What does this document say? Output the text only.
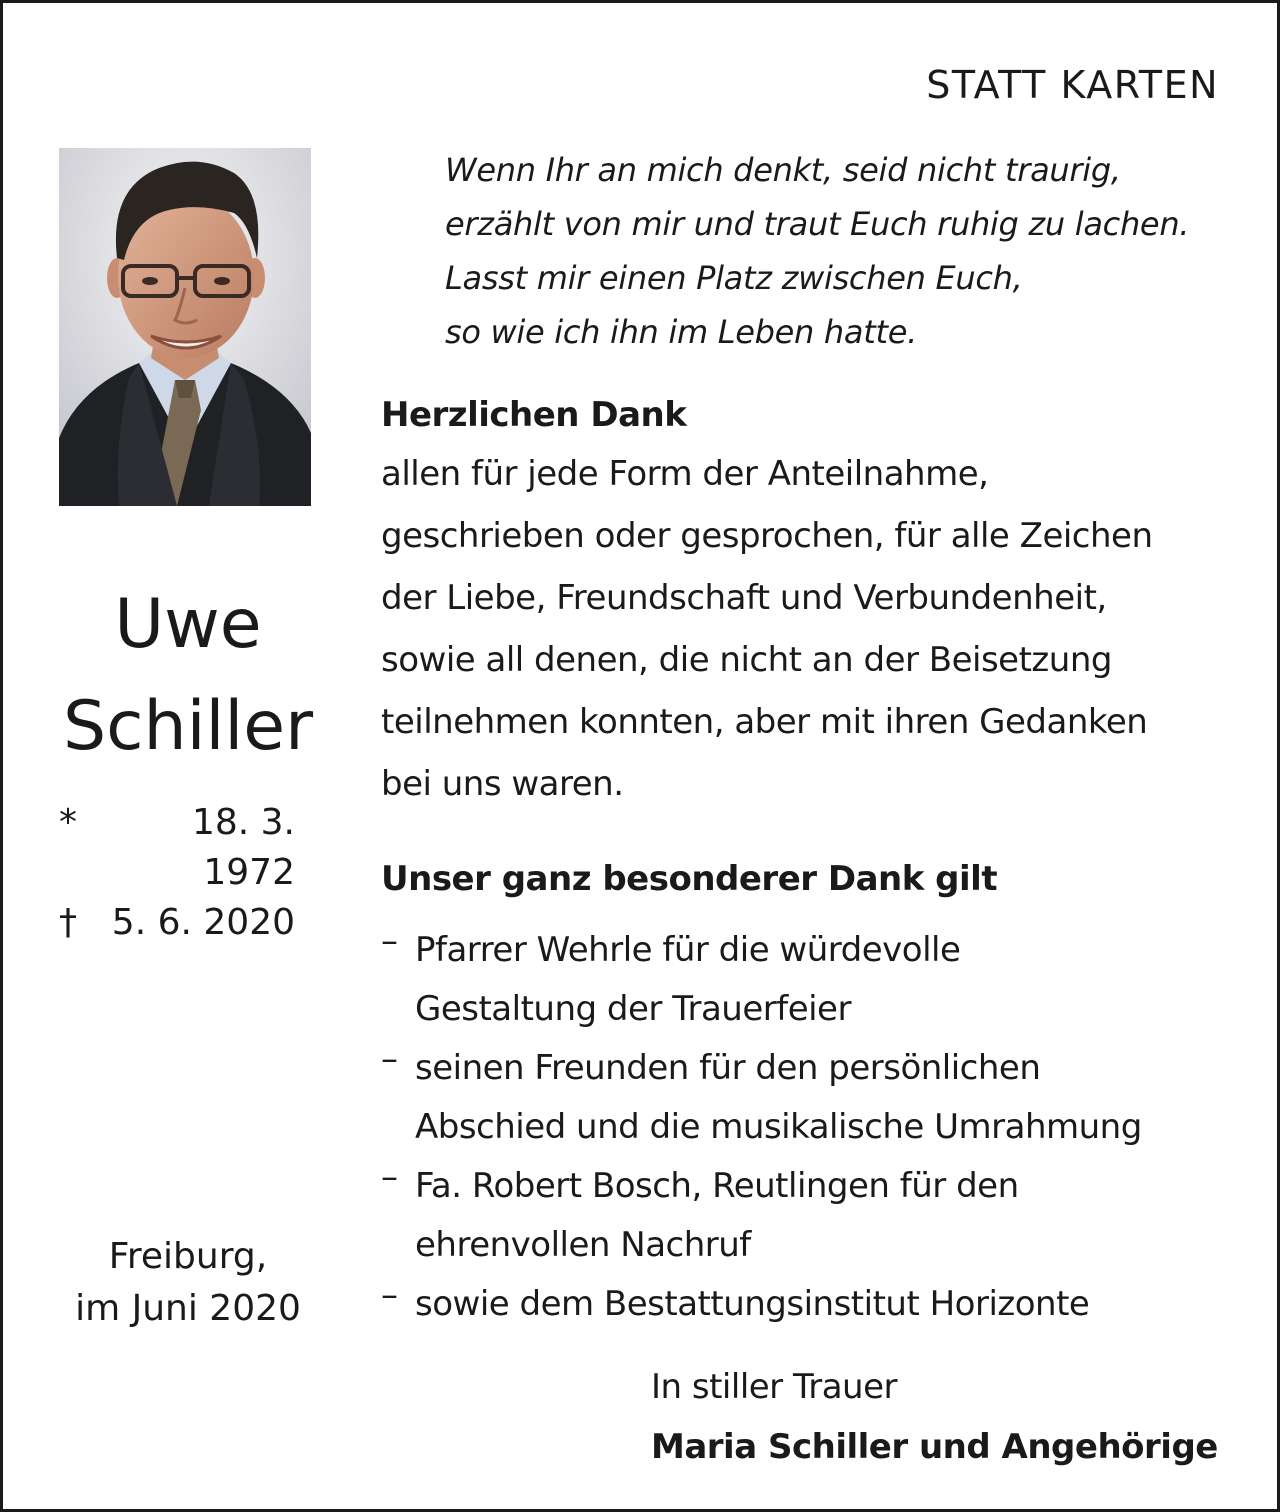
STATT KARTEN
Uwe
Schiller
*	18. 3. 1972
† 5. 6. 2020
Freiburg,
im Juni 2020
Wenn Ihr an mich denkt, seid nicht traurig,
erzählt von mir und traut Euch ruhig zu lachen.
Lasst mir einen Platz zwischen Euch,
so wie ich ihn im Leben hatte.
Herzlichen Dank
allen für jede Form der Anteilnahme,
geschrieben oder gesprochen, für alle Zeichen
der Liebe, Freundschaft und Verbundenheit,
sowie all denen, die nicht an der Beisetzung
teilnehmen konnten, aber mit ihren Gedanken
bei uns waren.
Unser ganz besonderer Dank gilt
– Pfarrer Wehrle für die würdevolle
Gestaltung der Trauerfeier
– seinen Freunden für den persönlichen
Abschied und die musikalische Umrahmung
– Fa. Robert Bosch, Reutlingen für den
ehrenvollen Nachruf
– sowie dem Bestattungsinstitut Horizonte
In stiller Trauer
Maria Schiller und Angehörige
